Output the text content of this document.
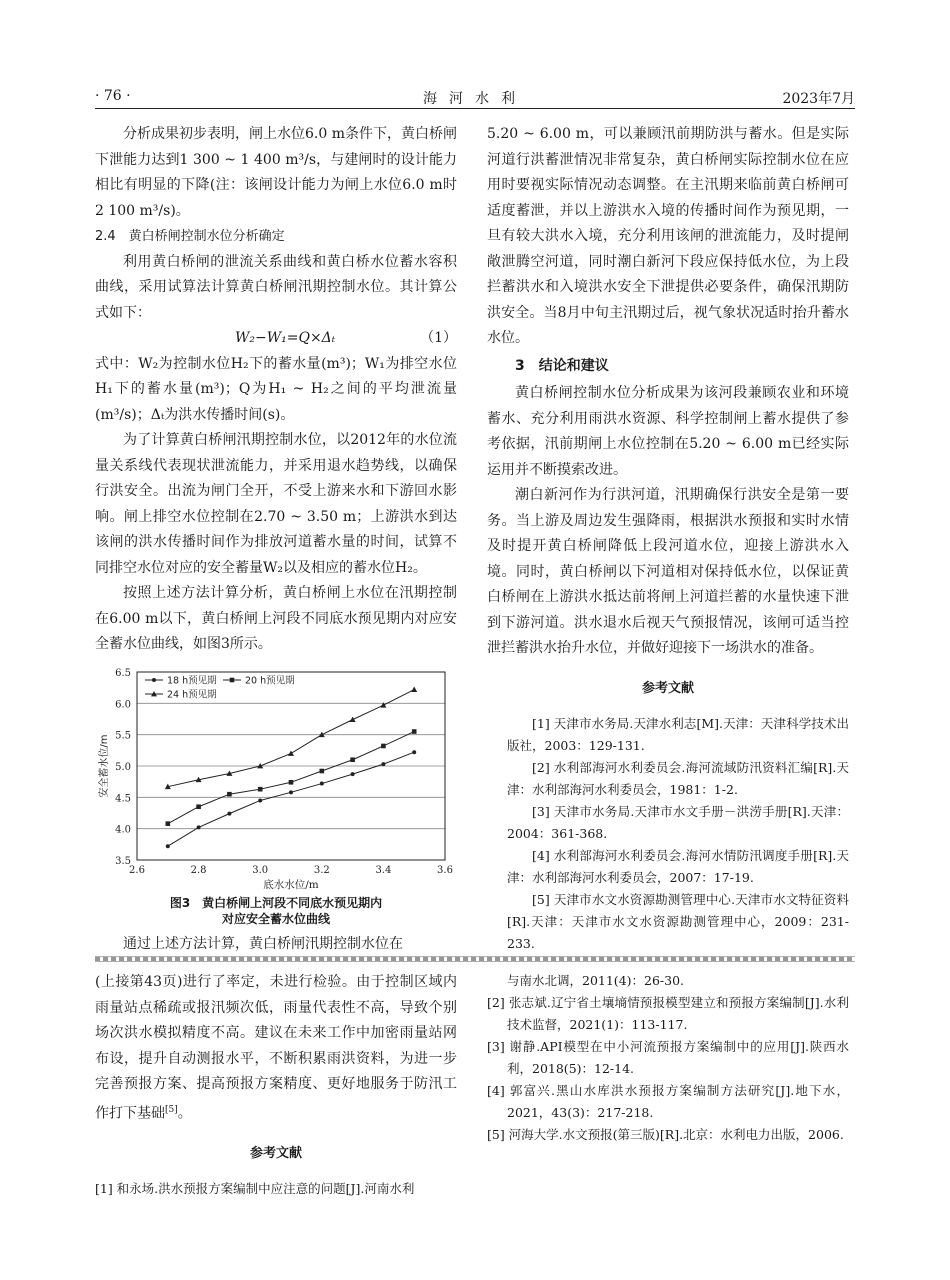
· 76 ·	海河水利	2023年7月

分析成果初步表明，闸上水位6.0 m条件下，黄白桥闸下泄能力达到1 300 ~ 1 400 m³/s，与建闸时的设计能力相比有明显的下降(注：该闸设计能力为闸上水位6.0 m时2 100 m³/s)。

2.4　黄白桥闸控制水位分析确定

利用黄白桥闸的泄流关系曲线和黄白桥水位蓄水容积曲线，采用试算法计算黄白桥闸汛期控制水位。其计算公式如下：

W₂−W₁=Q×Δₜ	（1）

式中：W₂为控制水位H₂下的蓄水量(m³)；W₁为排空水位H₁下的蓄水量(m³)；Q为H₁ ~ H₂之间的平均泄流量(m³/s)；Δₜ为洪水传播时间(s)。

为了计算黄白桥闸汛期控制水位，以2012年的水位流量关系线代表现状泄流能力，并采用退水趋势线，以确保行洪安全。出流为闸门全开，不受上游来水和下游回水影响。闸上排空水位控制在2.70 ~ 3.50 m；上游洪水到达该闸的洪水传播时间作为排放河道蓄水量的时间，试算不同排空水位对应的安全蓄量W₂以及相应的蓄水位H₂。

按照上述方法计算分析，黄白桥闸上水位在汛期控制在6.00 m以下，黄白桥闸上河段不同底水预见期内对应安全蓄水位曲线，如图3所示。

3.5
4.0
4.5
5.0
5.5
6.0
6.5
2.6	2.8	3.0	3.2	3.4	3.6
底水水位/m
安全蓄水位/m
18 h预见期	20 h预见期
24 h预见期
图3　黄白桥闸上河段不同底水预见期内
对应安全蓄水位曲线

通过上述方法计算，黄白桥闸汛期控制水位在

5.20 ~ 6.00 m，可以兼顾汛前期防洪与蓄水。但是实际河道行洪蓄泄情况非常复杂，黄白桥闸实际控制水位在应用时要视实际情况动态调整。在主汛期来临前黄白桥闸可适度蓄泄，并以上游洪水入境的传播时间作为预见期，一旦有较大洪水入境，充分利用该闸的泄流能力，及时提闸敞泄腾空河道，同时潮白新河下段应保持低水位，为上段拦蓄洪水和入境洪水安全下泄提供必要条件，确保汛期防洪安全。当8月中旬主汛期过后，视气象状况适时抬升蓄水水位。

3　结论和建议

黄白桥闸控制水位分析成果为该河段兼顾农业和环境蓄水、充分利用雨洪水资源、科学控制闸上蓄水提供了参考依据，汛前期闸上水位控制在5.20 ~ 6.00 m已经实际运用并不断摸索改进。

潮白新河作为行洪河道，汛期确保行洪安全是第一要务。当上游及周边发生强降雨，根据洪水预报和实时水情及时提开黄白桥闸降低上段河道水位，迎接上游洪水入境。同时，黄白桥闸以下河道相对保持低水位，以保证黄白桥闸在上游洪水抵达前将闸上河道拦蓄的水量快速下泄到下游河道。洪水退水后视天气预报情况，该闸可适当控泄拦蓄洪水抬升水位，并做好迎接下一场洪水的准备。

参考文献

[1] 天津市水务局.天津水利志[M].天津：天津科学技术出版社，2003：129-131.

[2] 水利部海河水利委员会.海河流域防汛资料汇编[R].天津：水利部海河水利委员会，1981：1-2.

[3] 天津市水务局.天津市水文手册－洪涝手册[R].天津：2004：361-368.

[4] 水利部海河水利委员会.海河水情防汛调度手册[R].天津：水利部海河水利委员会，2007：17-19.

[5] 天津市水文水资源勘测管理中心.天津市水文特征资料[R].天津：天津市水文水资源勘测管理中心，2009：231-233.

(上接第43页)进行了率定，未进行检验。由于控制区域内雨量站点稀疏或报汛频次低，雨量代表性不高，导致个别场次洪水模拟精度不高。建议在未来工作中加密雨量站网布设，提升自动测报水平，不断积累雨洪资料，为进一步完善预报方案、提高预报方案精度、更好地服务于防汛工作打下基础[5]。

参考文献

[1] 和永场.洪水预报方案编制中应注意的问题[J].河南水利

与南水北调，2011(4)：26-30.

[2] 张志斌.辽宁省土壤墒情预报模型建立和预报方案编制[J].水利技术监督，2021(1)：113-117.

[3] 谢静.API模型在中小河流预报方案编制中的应用[J].陕西水利，2018(5)：12-14.

[4] 郭富兴.黑山水库洪水预报方案编制方法研究[J].地下水，2021，43(3)：217-218.

[5] 河海大学.水文预报(第三版)[R].北京：水利电力出版，2006.
